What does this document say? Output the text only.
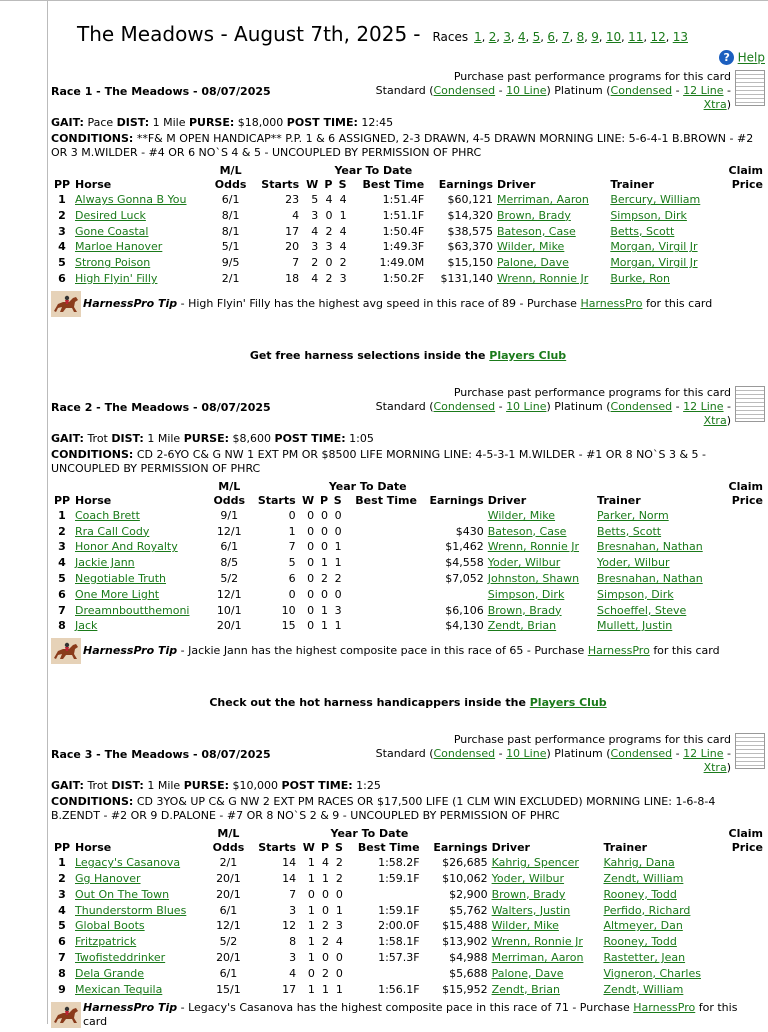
The Meadows - August 7th, 2025 - Races 1, 2, 3, 4, 5, 6, 7, 8, 9, 10, 11, 12, 13
? Help
Race 1 - The Meadows - 08/07/2025
Purchase past performance programs for this card
Standard (Condensed - 10 Line) Platinum (Condensed - 12 Line -
Xtra)
GAIT: Pace DIST: 1 Mile PURSE: $18,000 POST TIME: 12:45
CONDITIONS: **F& M OPEN HANDICAP** P.P. 1 & 6 ASSIGNED, 2-3 DRAWN, 4-5 DRAWN MORNING LINE: 5-6-4-1 B.BROWN - #2 OR 3 M.WILDER - #4 OR 6 NO`S 4 & 5 - UNCOUPLED BY PERMISSION OF PHRC
		M/L	Year To Date								Claim
PP	Horse	Odds	Starts	W	P	S	Best Time	Earnings	Driver	Trainer	Price
1	Always Gonna B You	6/1	23	5	4	4	1:51.4F	$60,121	Merriman, Aaron	Bercury, William	
2	Desired Luck	8/1	4	3	0	1	1:51.1F	$14,320	Brown, Brady	Simpson, Dirk	
3	Gone Coastal	8/1	17	4	2	4	1:50.4F	$38,575	Bateson, Case	Betts, Scott	
4	Marloe Hanover	5/1	20	3	3	4	1:49.3F	$63,370	Wilder, Mike	Morgan, Virgil Jr	
5	Strong Poison	9/5	7	2	0	2	1:49.0M	$15,150	Palone, Dave	Morgan, Virgil Jr	
6	High Flyin' Filly	2/1	18	4	2	3	1:50.2F	$131,140	Wrenn, Ronnie Jr	Burke, Ron	
HarnessPro Tip - High Flyin' Filly has the highest avg speed in this race of 89 - Purchase HarnessPro for this card
Get free harness selections inside the Players Club
Race 2 - The Meadows - 08/07/2025
Purchase past performance programs for this card
Standard (Condensed - 10 Line) Platinum (Condensed - 12 Line -
Xtra)
GAIT: Trot DIST: 1 Mile PURSE: $8,600 POST TIME: 1:05
CONDITIONS: CD 2-6YO C& G NW 1 EXT PM OR $8500 LIFE MORNING LINE: 4-5-3-1 M.WILDER - #1 OR 8 NO`S 3 & 5 - UNCOUPLED BY PERMISSION OF PHRC
		M/L	Year To Date								Claim
PP	Horse	Odds	Starts	W	P	S	Best Time	Earnings	Driver	Trainer	Price
1	Coach Brett	9/1	0	0	0	0			Wilder, Mike	Parker, Norm	
2	Rra Call Cody	12/1	1	0	0	0		$430	Bateson, Case	Betts, Scott	
3	Honor And Royalty	6/1	7	0	0	1		$1,462	Wrenn, Ronnie Jr	Bresnahan, Nathan	
4	Jackie Jann	8/5	5	0	1	1		$4,558	Yoder, Wilbur	Yoder, Wilbur	
5	Negotiable Truth	5/2	6	0	2	2		$7,052	Johnston, Shawn	Bresnahan, Nathan	
6	One More Light	12/1	0	0	0	0			Simpson, Dirk	Simpson, Dirk	
7	Dreamnboutthemoni	10/1	10	0	1	3		$6,106	Brown, Brady	Schoeffel, Steve	
8	Jack	20/1	15	0	1	1		$4,130	Zendt, Brian	Mullett, Justin	
HarnessPro Tip - Jackie Jann has the highest composite pace in this race of 65 - Purchase HarnessPro for this card
Check out the hot harness handicappers inside the Players Club
Race 3 - The Meadows - 08/07/2025
Purchase past performance programs for this card
Standard (Condensed - 10 Line) Platinum (Condensed - 12 Line -
Xtra)
GAIT: Trot DIST: 1 Mile PURSE: $10,000 POST TIME: 1:25
CONDITIONS: CD 3YO& UP C& G NW 2 EXT PM RACES OR $17,500 LIFE (1 CLM WIN EXCLUDED) MORNING LINE: 1-6-8-4 B.ZENDT - #2 OR 9 D.PALONE - #7 OR 8 NO`S 2 & 9 - UNCOUPLED BY PERMISSION OF PHRC
		M/L	Year To Date								Claim
PP	Horse	Odds	Starts	W	P	S	Best Time	Earnings	Driver	Trainer	Price
1	Legacy's Casanova	2/1	14	1	4	2	1:58.2F	$26,685	Kahrig, Spencer	Kahrig, Dana	
2	Gg Hanover	20/1	14	1	1	2	1:59.1F	$10,062	Yoder, Wilbur	Zendt, William	
3	Out On The Town	20/1	7	0	0	0		$2,900	Brown, Brady	Rooney, Todd	
4	Thunderstorm Blues	6/1	3	1	0	1	1:59.1F	$5,762	Walters, Justin	Perfido, Richard	
5	Global Boots	12/1	12	1	2	3	2:00.0F	$15,488	Wilder, Mike	Altmeyer, Dan	
6	Fritzpatrick	5/2	8	1	2	4	1:58.1F	$13,902	Wrenn, Ronnie Jr	Rooney, Todd	
7	Twofisteddrinker	20/1	3	1	0	0	1:57.3F	$4,988	Merriman, Aaron	Rastetter, Jean	
8	Dela Grande	6/1	4	0	2	0		$5,688	Palone, Dave	Vigneron, Charles	
9	Mexican Tequila	15/1	17	1	1	1	1:56.1F	$15,952	Zendt, Brian	Zendt, William	
HarnessPro Tip - Legacy's Casanova has the highest composite pace in this race of 71 - Purchase HarnessPro for this card
